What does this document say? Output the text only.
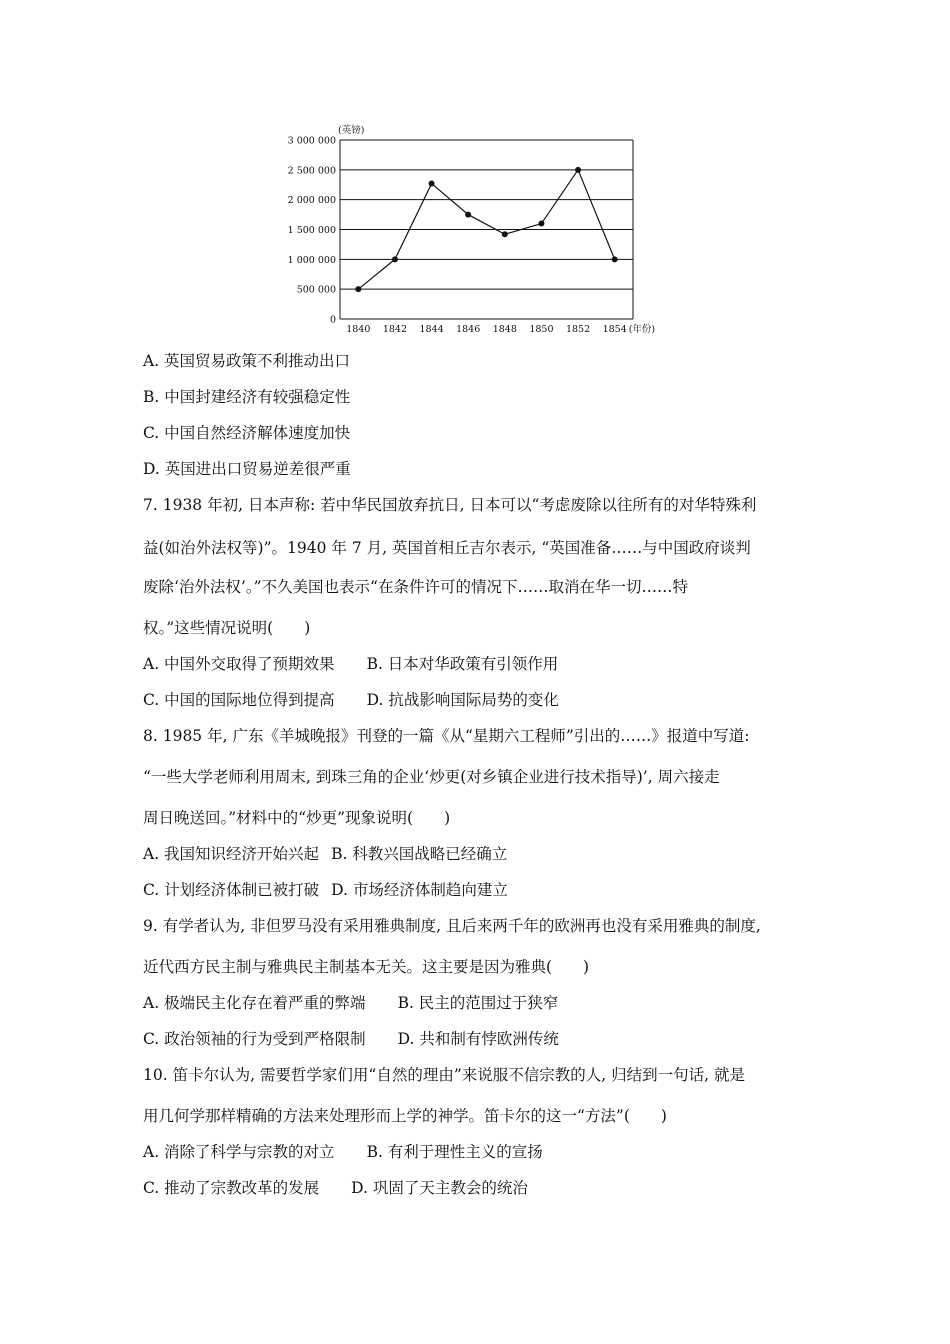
0
500 000
1 000 000
1 500 000
2 000 000
2 500 000
3 000 000
1840 1842 1844 1846 1848 1850 1852 1854
(英镑)
(年份)
A. 英国贸易政策不利推动出口
B. 中国封建经济有较强稳定性
C. 中国自然经济解体速度加快
D. 英国进出口贸易逆差很严重
7. 1938 年初, 日本声称: 若中华民国放弃抗日, 日本可以“考虑废除以往所有的对华特殊利
益(如治外法权等)”。1940 年 7 月, 英国首相丘吉尔表示, “英国准备……与中国政府谈判
废除‘治外法权’。”不久美国也表示“在条件许可的情况下……取消在华一切……特
权。”这些情况说明(　　)
A. 中国外交取得了预期效果 B. 日本对华政策有引领作用
C. 中国的国际地位得到提高 D. 抗战影响国际局势的变化
8. 1985 年, 广东《羊城晚报》刊登的一篇《从“星期六工程师”引出的……》报道中写道:
“一些大学老师利用周末, 到珠三角的企业‘炒更(对乡镇企业进行技术指导)’, 周六接走
周日晚送回。”材料中的“炒更”现象说明(　　)
A. 我国知识经济开始兴起 B. 科教兴国战略已经确立
C. 计划经济体制已被打破 D. 市场经济体制趋向建立
9. 有学者认为, 非但罗马没有采用雅典制度, 且后来两千年的欧洲再也没有采用雅典的制度,
近代西方民主制与雅典民主制基本无关。这主要是因为雅典(　　)
A. 极端民主化存在着严重的弊端 B. 民主的范围过于狭窄
C. 政治领袖的行为受到严格限制 D. 共和制有悖欧洲传统
10. 笛卡尔认为, 需要哲学家们用“自然的理由”来说服不信宗教的人, 归结到一句话, 就是
用几何学那样精确的方法来处理形而上学的神学。笛卡尔的这一“方法”(　　)
A. 消除了科学与宗教的对立 B. 有利于理性主义的宣扬
C. 推动了宗教改革的发展 D. 巩固了天主教会的统治
